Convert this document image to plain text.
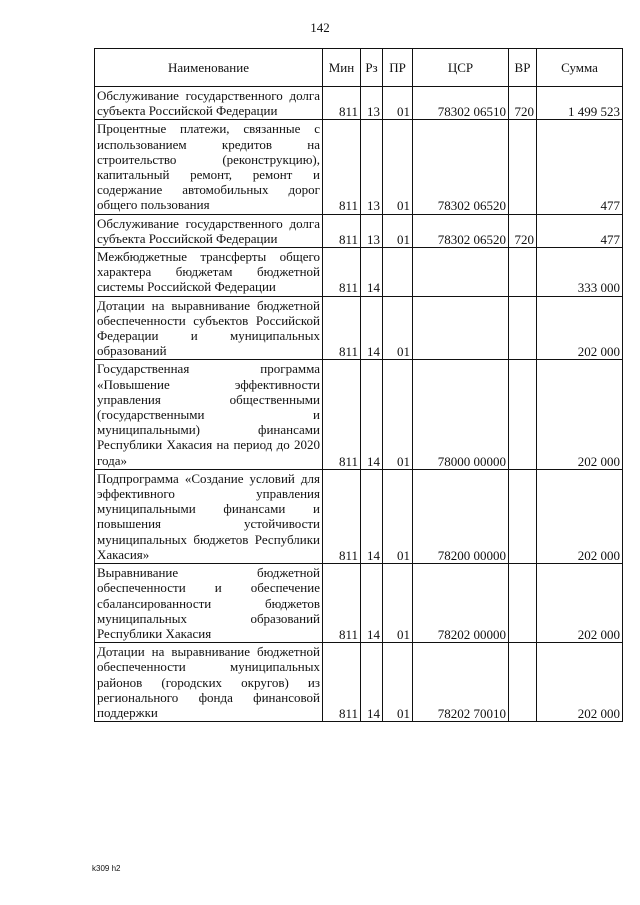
142
Наименование	Мин	Рз	ПР	ЦСР	ВР	Сумма
Обслуживание государственного долга субъекта Российской Федерации	811	13	01	78302 06510	720	1 499 523
Процентные платежи, связанные с использованием кредитов на строительство (реконструкцию), капитальный ремонт, ремонт и содержание автомобильных дорог общего пользования	811	13	01	78302 06520		477
Обслуживание государственного долга субъекта Российской Федерации	811	13	01	78302 06520	720	477
Межбюджетные трансферты общего характера бюджетам бюджетной системы Российской Федерации	811	14				333 000
Дотации на выравнивание бюджетной обеспеченности субъектов Российской Федерации и муниципальных образований	811	14	01			202 000
Государственная программа «Повышение эффективности управления общественными (государственными и муниципальными) финансами Республики Хакасия на период до 2020 года»	811	14	01	78000 00000		202 000
Подпрограмма «Создание условий для эффективного управления муниципальными финансами и повышения устойчивости муниципальных бюджетов Республики Хакасия»	811	14	01	78200 00000		202 000
Выравнивание бюджетной обеспеченности и обеспечение сбалансированности бюджетов муниципальных образований Республики Хакасия	811	14	01	78202 00000		202 000
Дотации на выравнивание бюджетной обеспеченности муниципальных районов (городских округов) из регионального фонда финансовой поддержки	811	14	01	78202 70010		202 000
k309 h2
